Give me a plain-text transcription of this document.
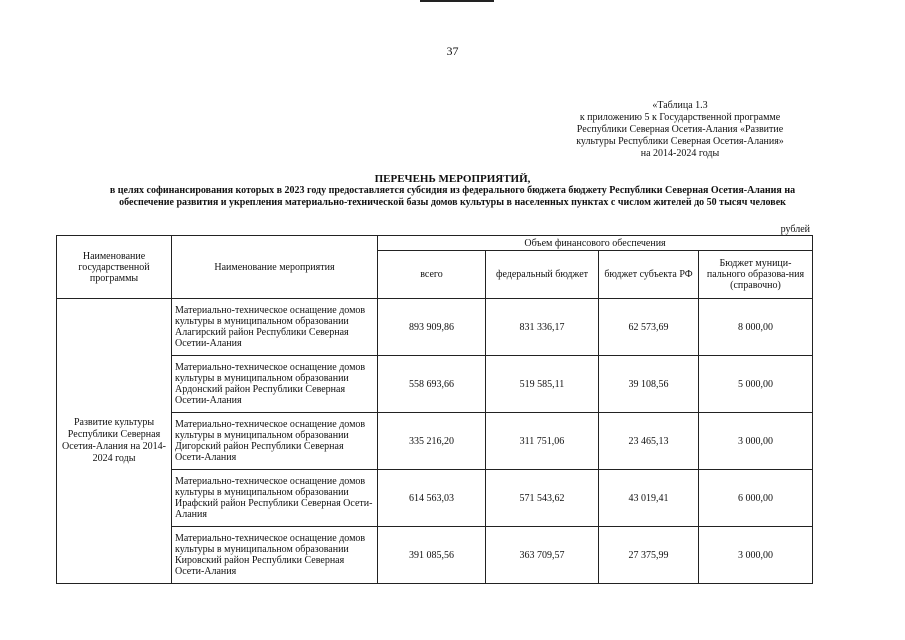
37
«Таблица 1.3
к приложению 5 к Государственной программе
Республики Северная Осетия-Алания «Развитие
культуры Республики Северная Осетия-Алания»
на 2014-2024 годы
ПЕРЕЧЕНЬ МЕРОПРИЯТИЙ,
в целях софинансирования которых в 2023 году предоставляется субсидия из федерального бюджета бюджету Республики Северная Осетия-Алания на
обеспечение развития и укрепления материально-технической базы домов культуры в населенных пунктах с числом жителей до 50 тысяч человек
рублей
Наименование государственной программы	Наименование мероприятия	Объем финансового обеспечения			
		всего	федеральный бюджет	бюджет субъекта РФ	Бюджет муници-пального образова-ния (справочно)
Развитие культуры Республики Северная Осетия-Алания на 2014-2024 годы	Материально-техническое оснащение домов культуры в муниципальном образовании Алагирский район Республики Северная Осетии-Алания	893 909,86	831 336,17	62 573,69	8 000,00
	Материально-техническое оснащение домов культуры в муниципальном образовании Ардонский район Республики Северная Осетии-Алания	558 693,66	519 585,11	39 108,56	5 000,00
	Материально-техническое оснащение домов культуры в муниципальном образовании Дигорский район Республики Северная Осети-Алания	335 216,20	311 751,06	23 465,13	3 000,00
	Материально-техническое оснащение домов культуры в муниципальном образовании Ирафский район Республики Северная Осети-Алания	614 563,03	571 543,62	43 019,41	6 000,00
	Материально-техническое оснащение домов культуры в муниципальном образовании Кировский район Республики Северная Осети-Алания	391 085,56	363 709,57	27 375,99	3 000,00
